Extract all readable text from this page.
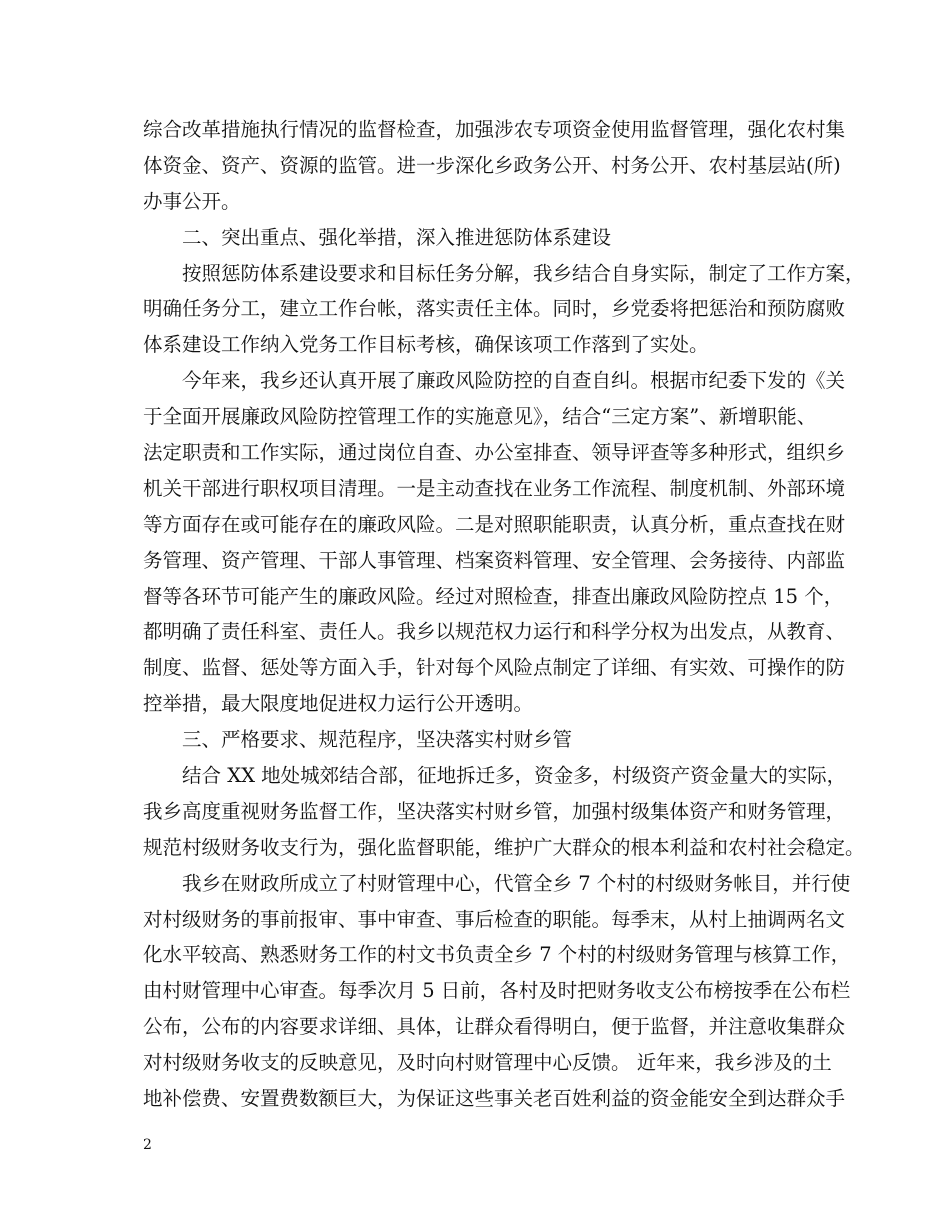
综合改革措施执行情况的监督检查，加强涉农专项资金使用监督管理，强化农村集
体资金、资产、资源的监管。进一步深化乡政务公开、村务公开、农村基层站(所)
办事公开。
二、突出重点、强化举措，深入推进惩防体系建设
按照惩防体系建设要求和目标任务分解，我乡结合自身实际，制定了工作方案，
明确任务分工，建立工作台帐，落实责任主体。同时，乡党委将把惩治和预防腐败
体系建设工作纳入党务工作目标考核，确保该项工作落到了实处。
今年来，我乡还认真开展了廉政风险防控的自查自纠。根据市纪委下发的《关
于全面开展廉政风险防控管理工作的实施意见》，结合“三定方案”、新增职能、
法定职责和工作实际，通过岗位自查、办公室排查、领导评查等多种形式，组织乡
机关干部进行职权项目清理。一是主动查找在业务工作流程、制度机制、外部环境
等方面存在或可能存在的廉政风险。二是对照职能职责，认真分析，重点查找在财
务管理、资产管理、干部人事管理、档案资料管理、安全管理、会务接待、内部监
督等各环节可能产生的廉政风险。经过对照检查，排查出廉政风险防控点 15 个，
都明确了责任科室、责任人。我乡以规范权力运行和科学分权为出发点，从教育、
制度、监督、惩处等方面入手，针对每个风险点制定了详细、有实效、可操作的防
控举措，最大限度地促进权力运行公开透明。
三、严格要求、规范程序，坚决落实村财乡管
结合 XX 地处城郊结合部，征地拆迁多，资金多，村级资产资金量大的实际，
我乡高度重视财务监督工作，坚决落实村财乡管，加强村级集体资产和财务管理，
规范村级财务收支行为，强化监督职能，维护广大群众的根本利益和农村社会稳定。
我乡在财政所成立了村财管理中心，代管全乡 7 个村的村级财务帐目，并行使
对村级财务的事前报审、事中审查、事后检查的职能。每季末，从村上抽调两名文
化水平较高、熟悉财务工作的村文书负责全乡 7 个村的村级财务管理与核算工作，
由村财管理中心审查。每季次月 5 日前，各村及时把财务收支公布榜按季在公布栏
公布，公布的内容要求详细、具体，让群众看得明白，便于监督，并注意收集群众
对村级财务收支的反映意见，及时向村财管理中心反馈。 近年来，我乡涉及的土
地补偿费、安置费数额巨大，为保证这些事关老百姓利益的资金能安全到达群众手
2
